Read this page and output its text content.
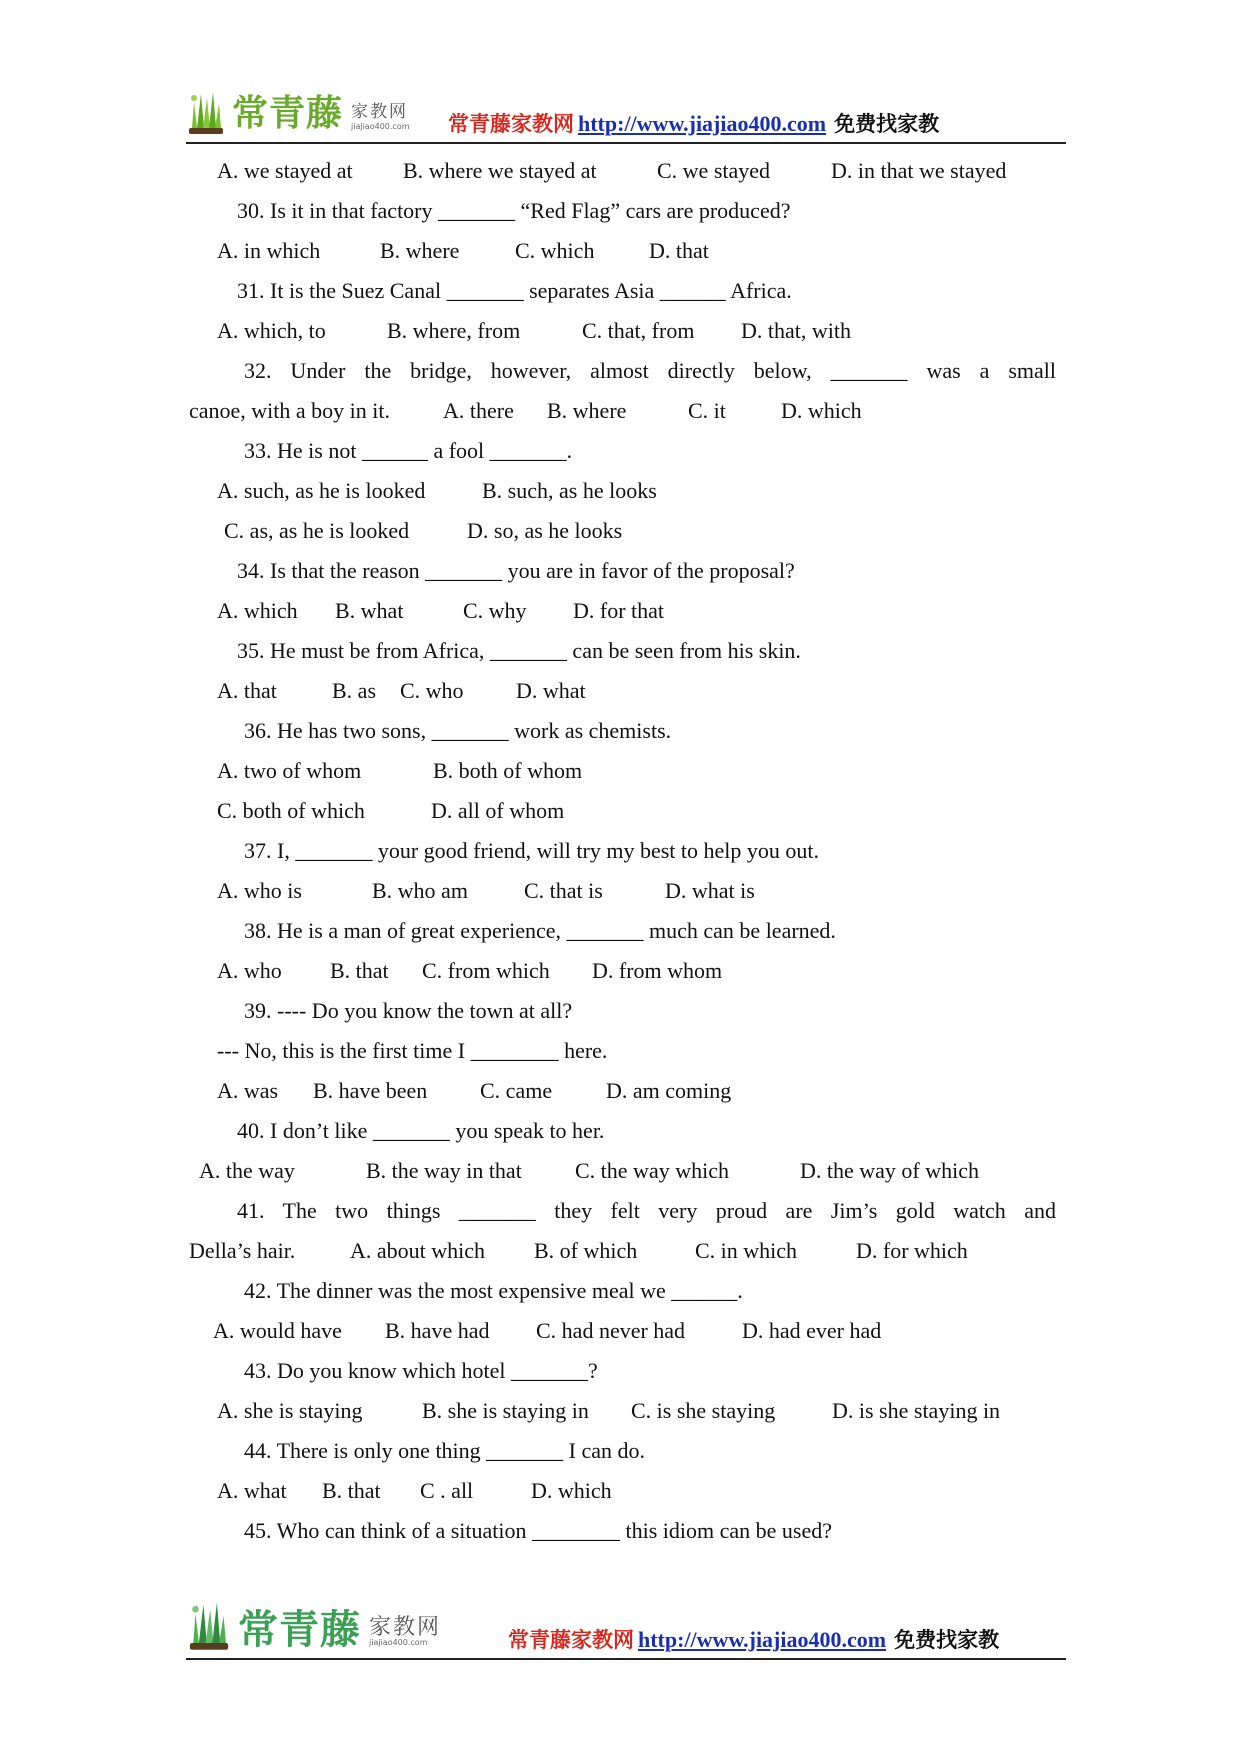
常青藤 家教网
jiajiao400.com 常青藤家教网 http://www.jiajiao400.com 免费找家教
A. we stayed at B. where we stayed at	C. we stayed	D. in that we stayed
30. Is it in that factory _______ “Red Flag” cars are produced?
A. in which	B. where	C. which D. that
31. It is the Suez Canal _______ separates Asia ______ Africa.
A. which, to	B. where, from	C. that, from D. that, with
32. Under the bridge, however, almost directly below, _______ was a small
canoe, with a boy in it. A. there B. where	C. it	D. which
33. He is not ______ a fool _______.
A. such, as he is looked	B. such, as he looks
C. as, as he is looked	D. so, as he looks
34. Is that the reason _______ you are in favor of the proposal?
A. which B. what	C. why D. for that
35. He must be from Africa, _______ can be seen from his skin.
A. that	B. as C. who D. what
36. He has two sons, _______ work as chemists.
A. two of whom	B. both of whom
C. both of which	D. all of whom
37. I, _______ your good friend, will try my best to help you out.
A. who is	B. who am	C. that is	D. what is
38. He is a man of great experience, _______ much can be learned.
A. who B. that C. from which D. from whom
39. ---- Do you know the town at all?
--- No, this is the first time I ________ here.
A. was B. have been C. came D. am coming
40. I don’t like _______ you speak to her.
A. the way	B. the way in that C. the way which	D. the way of which
41. The two things _______ they felt very proud are Jim’s gold watch and
Della’s hair. A. about which B. of which	C. in which	D. for which
42. The dinner was the most expensive meal we ______.
A. would have B. have had C. had never had	D. had ever had
43. Do you know which hotel _______?
A. she is staying	B. she is staying in C. is she staying	D. is she staying in
44. There is only one thing _______ I can do.
A. what B. that C . all	D. which
45. Who can think of a situation ________ this idiom can be used?
常青藤 家教网
jiajiao400.com	常青藤家教网 http://www.jiajiao400.com 免费找家教
